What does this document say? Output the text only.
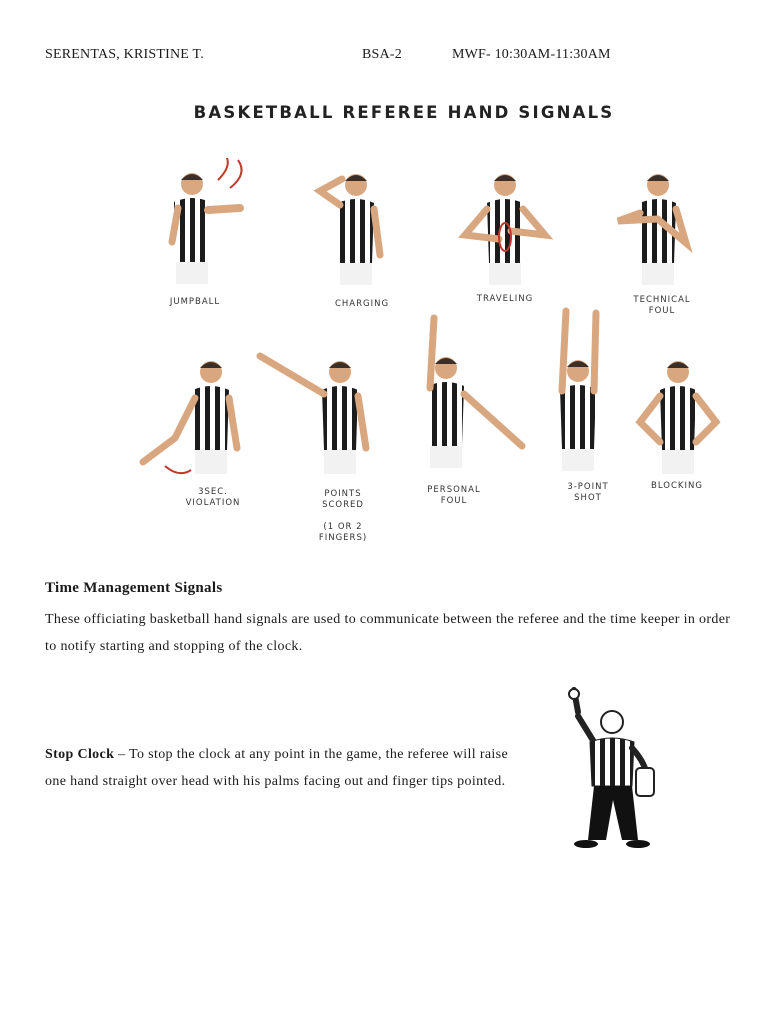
SERENTAS, KRISTINE T.	BSA-2	MWF- 10:30AM-11:30AM
BASKETBALL REFEREE HAND SIGNALS
JUMPBALL	CHARGING	TRAVELING	TECHNICAL
FOUL
3SEC.
VIOLATION
POINTS
SCORED

(1 OR 2
FINGERS)
PERSONAL
FOUL
3-POINT
SHOT
BLOCKING
Time Management Signals
These officiating basketball hand signals are used to communicate between the referee and the time keeper in order to notify starting and stopping of the clock.
Stop Clock – To stop the clock at any point in the game, the referee will raise one hand straight over head with his palms facing out and finger tips pointed.
